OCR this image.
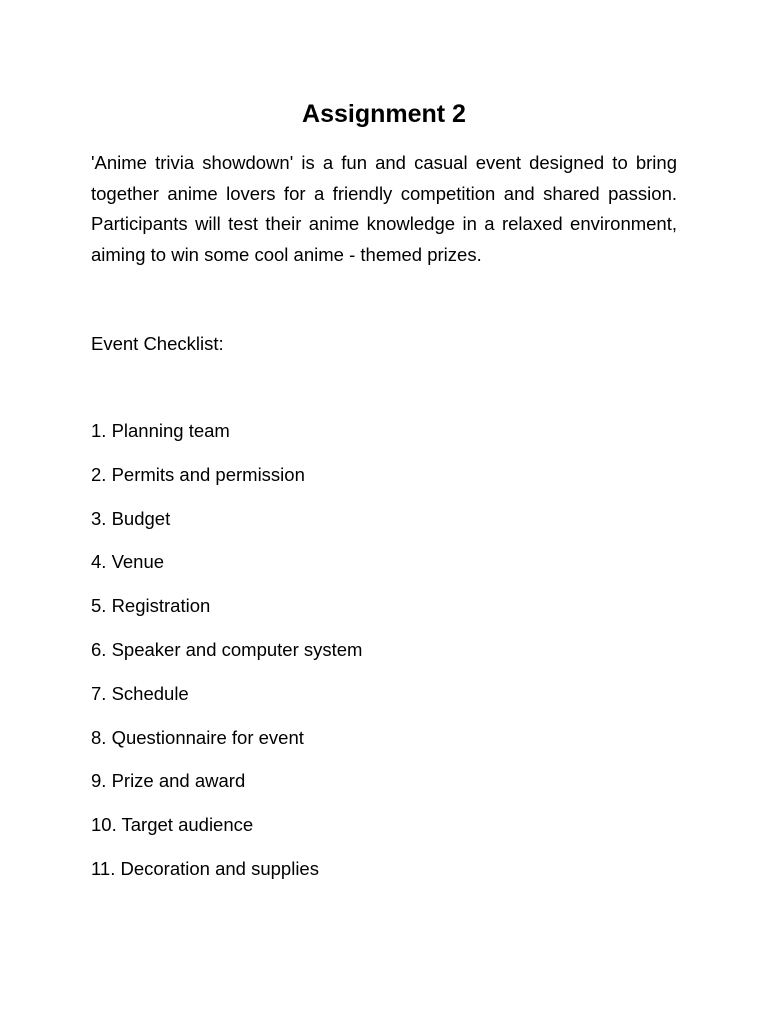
Assignment 2

'Anime trivia showdown' is a fun and casual event designed to bring together anime lovers for a friendly competition and shared passion. Participants will test their anime knowledge in a relaxed environment, aiming to win some cool anime - themed prizes.

Event Checklist:

1. Planning team
2. Permits and permission
3. Budget
4. Venue
5. Registration
6. Speaker and computer system
7. Schedule
8. Questionnaire for event
9. Prize and award
10. Target audience
11. Decoration and supplies
